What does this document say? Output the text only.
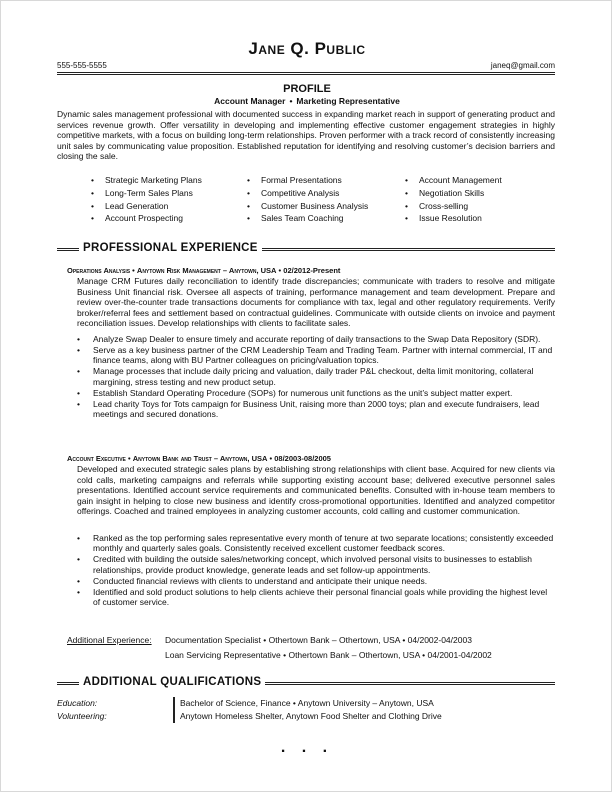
Jane Q. Public
555-555-5555	janeq@gmail.com
PROFILE
Account Manager • Marketing Representative
Dynamic sales management professional with documented success in expanding market reach in support of generating product and services revenue growth. Offer versatility in developing and implementing effective customer engagement strategies in highly competitive markets, with a focus on building long-term relationships. Proven performer with a track record of consistently increasing unit sales by communicating value proposition. Established reputation for identifying and resolving customer’s decision barriers and closing the sale.
• Strategic Marketing Plans
• Long-Term Sales Plans
• Lead Generation
• Account Prospecting
• Formal Presentations
• Competitive Analysis
• Customer Business Analysis
• Sales Team Coaching
• Account Management
• Negotiation Skills
• Cross-selling
• Issue Resolution
PROFESSIONAL EXPERIENCE
Operations Analysis • Anytown Risk Management – Anytown, USA • 02/2012-Present
Manage CRM Futures daily reconciliation to identify trade discrepancies; communicate with traders to resolve and mitigate Business Unit financial risk. Oversee all aspects of training, performance management and team development. Prepare and review over-the-counter trade transactions documents for compliance with tax, legal and other regulatory requirements. Verify broker/referral fees and settlement based on contractual guidelines. Communicate with outside clients on invoice and payment reconciliation issues. Develop relationships with clients to facilitate sales.
• Analyze Swap Dealer to ensure timely and accurate reporting of daily transactions to the Swap Data Repository (SDR).
• Serve as a key business partner of the CRM Leadership Team and Trading Team. Partner with internal commercial, IT and finance teams, along with BU Partner colleagues on pricing/valuation topics.
• Manage processes that include daily pricing and valuation, daily trader P&L checkout, delta limit monitoring, collateral margining, stress testing and new product setup.
• Establish Standard Operating Procedure (SOPs) for numerous unit functions as the unit’s subject matter expert.
• Lead charity Toys for Tots campaign for Business Unit, raising more than 2000 toys; plan and execute fundraisers, lead meetings and secured donations.
Account Executive • Anytown Bank and Trust – Anytown, USA • 08/2003-08/2005
Developed and executed strategic sales plans by establishing strong relationships with client base. Acquired for new clients via cold calls, marketing campaigns and referrals while supporting existing account base; delivered executive personnel sales presentations. Identified account service requirements and communicated benefits. Consulted with in-house team members to gain insight in helping to close new business and identify cross-promotional opportunities. Identified and analyzed competitor offerings. Coached and trained employees in analyzing customer accounts, cold calling and customer communication.
• Ranked as the top performing sales representative every month of tenure at two separate locations; consistently exceeded monthly and quarterly sales goals. Consistently received excellent customer feedback scores.
• Credited with building the outside sales/networking concept, which involved personal visits to businesses to establish relationships, provide product knowledge, generate leads and set follow-up appointments.
• Conducted financial reviews with clients to understand and anticipate their unique needs.
• Identified and sold product solutions to help clients achieve their personal financial goals while providing the highest level of customer service.
Additional Experience: Documentation Specialist • Othertown Bank – Othertown, USA • 04/2002-04/2003
Loan Servicing Representative • Othertown Bank – Othertown, USA • 04/2001-04/2002
ADDITIONAL QUALIFICATIONS
Education:	Bachelor of Science, Finance • Anytown University – Anytown, USA
Volunteering:	Anytown Homeless Shelter, Anytown Food Shelter and Clothing Drive
. . .
